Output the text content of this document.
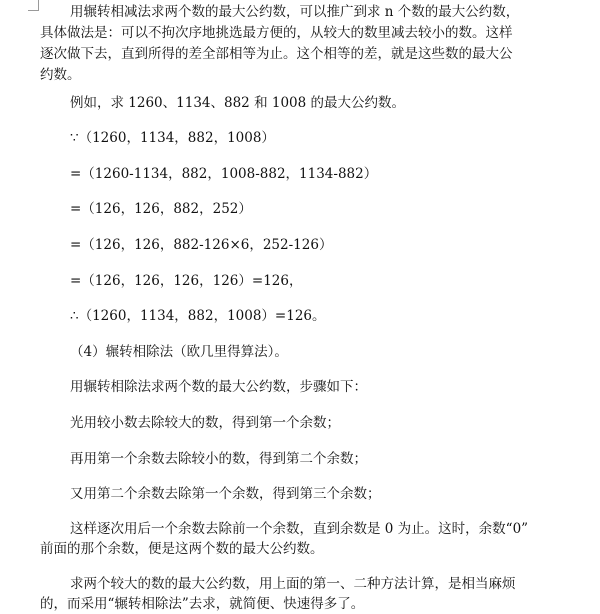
用辗转相减法求两个数的最大公约数，可以推广到求 n 个数的最大公约数，
具体做法是：可以不拘次序地挑选最方便的，从较大的数里减去较小的数。这样
逐次做下去，直到所得的差全部相等为止。这个相等的差，就是这些数的最大公
约数。
例如，求 1260、1134、882 和 1008 的最大公约数。
∵（1260，1134，882，1008）
=（1260-1134，882，1008-882，1134-882）
=（126，126，882，252）
=（126，126，882-126×6，252-126）
=（126，126，126，126）=126，
∴（1260，1134，882，1008）=126。
（4）辗转相除法（欧几里得算法）。
用辗转相除法求两个数的最大公约数，步骤如下：
光用较小数去除较大的数，得到第一个余数；
再用第一个余数去除较小的数，得到第二个余数；
又用第二个余数去除第一个余数，得到第三个余数；
这样逐次用后一个余数去除前一个余数，直到余数是 0 为止。这时，余数“0”
前面的那个余数，便是这两个数的最大公约数。
求两个较大的数的最大公约数，用上面的第一、二种方法计算，是相当麻烦
的，而采用“辗转相除法”去求，就简便、快速得多了。
